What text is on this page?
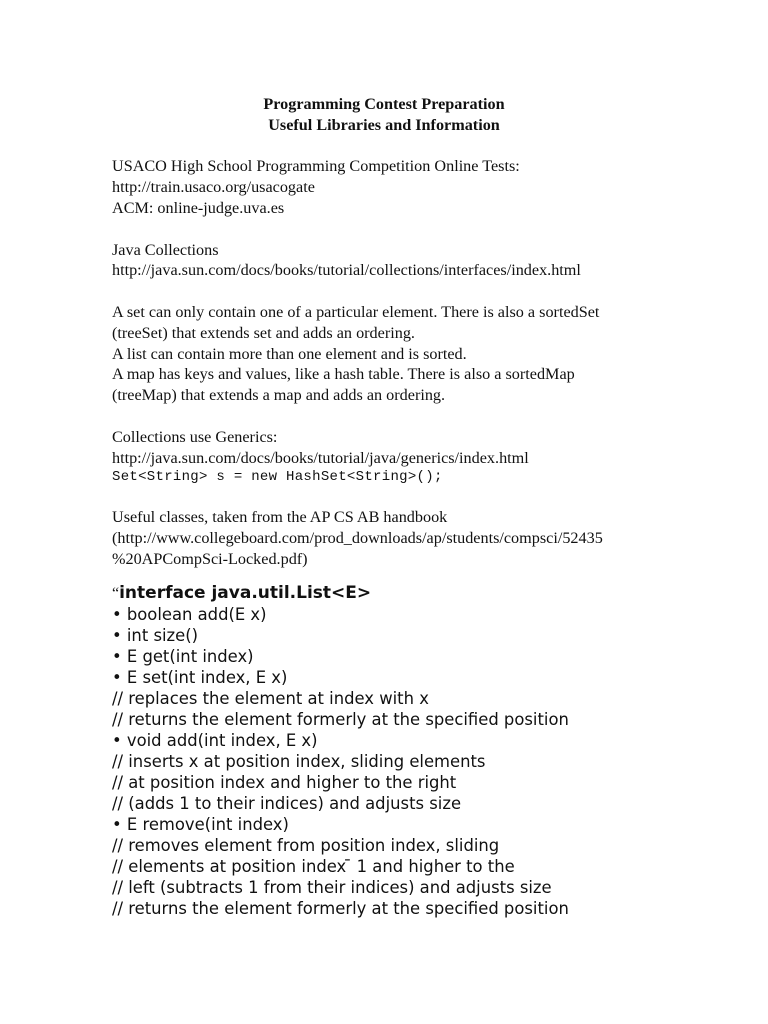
Programming Contest Preparation
Useful Libraries and Information
USACO High School Programming Competition Online Tests:
http://train.usaco.org/usacogate
ACM: online-judge.uva.es
Java Collections
http://java.sun.com/docs/books/tutorial/collections/interfaces/index.html
A set can only contain one of a particular element. There is also a sortedSet
(treeSet) that extends set and adds an ordering.
A list can contain more than one element and is sorted.
A map has keys and values, like a hash table. There is also a sortedMap
(treeMap) that extends a map and adds an ordering.
Collections use Generics:
http://java.sun.com/docs/books/tutorial/java/generics/index.html
Set<String> s = new HashSet<String>();
Useful classes, taken from the AP CS AB handbook
(http://www.collegeboard.com/prod_downloads/ap/students/compsci/52435
%20APCompSci-Locked.pdf)
“interface java.util.List<E>
• boolean add(E x)
• int size()
• E get(int index)
• E set(int index, E x)
// replaces the element at index with x
// returns the element formerly at the specified position
• void add(int index, E x)
// inserts x at position index, sliding elements
// at position index and higher to the right
// (adds 1 to their indices) and adjusts size
• E remove(int index)
// removes element from position index, sliding
// elements at position index ̄ 1 and higher to the
// left (subtracts 1 from their indices) and adjusts size
// returns the element formerly at the specified position
